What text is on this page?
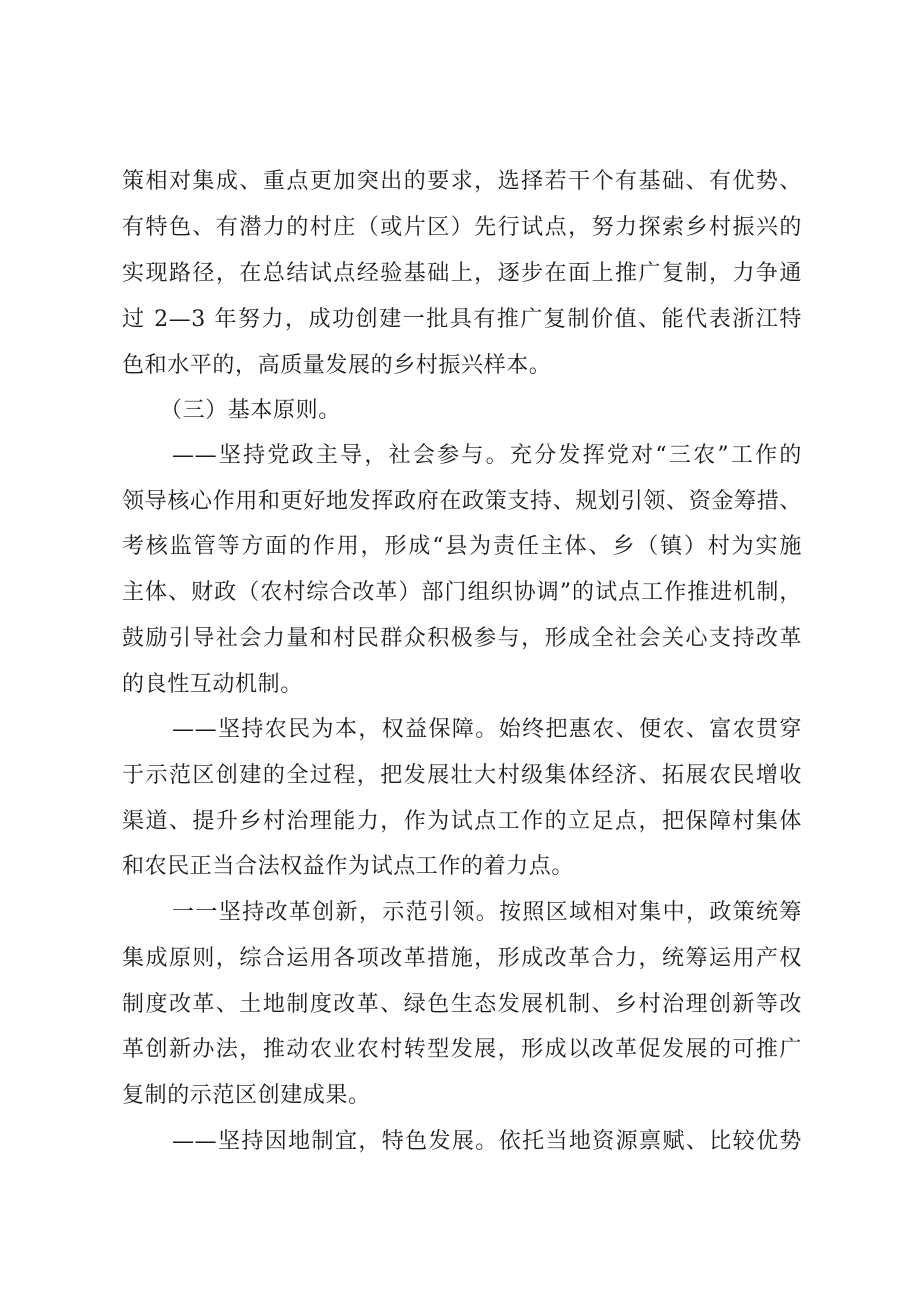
策相对集成、重点更加突出的要求，选择若干个有基础、有优势、
有特色、有潜力的村庄（或片区）先行试点，努力探索乡村振兴的
实现路径，在总结试点经验基础上，逐步在面上推广复制，力争通
过 2—3 年努力，成功创建一批具有推广复制价值、能代表浙江特
色和水平的，高质量发展的乡村振兴样本。
（三）基本原则。
——坚持党政主导，社会参与。充分发挥党对“三农”工作的
领导核心作用和更好地发挥政府在政策支持、规划引领、资金筹措、
考核监管等方面的作用，形成“县为责任主体、乡（镇）村为实施
主体、财政（农村综合改革）部门组织协调”的试点工作推进机制，
鼓励引导社会力量和村民群众积极参与，形成全社会关心支持改革
的良性互动机制。
——坚持农民为本，权益保障。始终把惠农、便农、富农贯穿
于示范区创建的全过程，把发展壮大村级集体经济、拓展农民增收
渠道、提升乡村治理能力，作为试点工作的立足点，把保障村集体
和农民正当合法权益作为试点工作的着力点。
一一坚持改革创新，示范引领。按照区域相对集中，政策统筹
集成原则，综合运用各项改革措施，形成改革合力，统筹运用产权
制度改革、土地制度改革、绿色生态发展机制、乡村治理创新等改
革创新办法，推动农业农村转型发展，形成以改革促发展的可推广
复制的示范区创建成果。
——坚持因地制宜，特色发展。依托当地资源禀赋、比较优势
